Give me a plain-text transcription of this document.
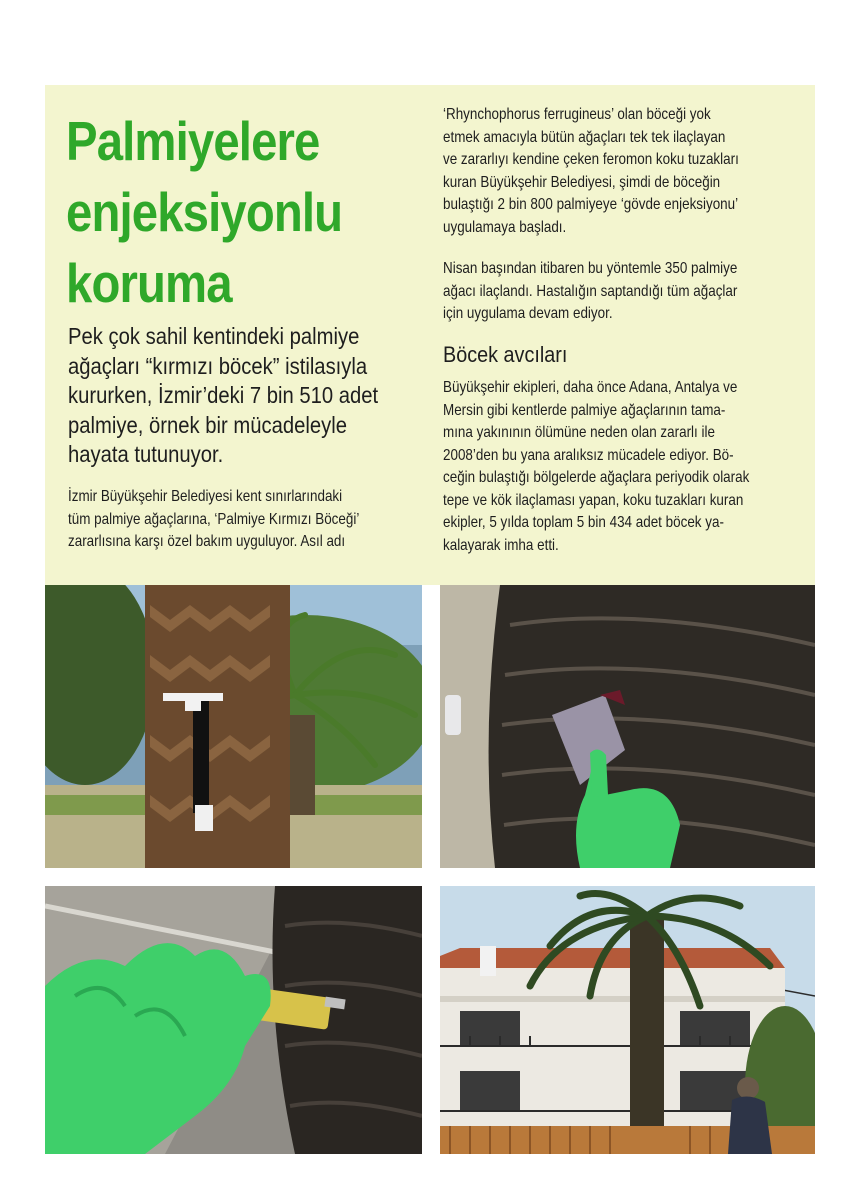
Palmiyelere
enjeksiyonlu
koruma

Pek çok sahil kentindeki palmiye
ağaçları “kırmızı böcek” istilasıyla
kururken, İzmir’deki 7 bin 510 adet
palmiye, örnek bir mücadeleyle
hayata tutunuyor.

İzmir Büyükşehir Belediyesi kent sınırlarındaki
tüm palmiye ağaçlarına, ‘Palmiye Kırmızı Böceği’
zararlısına karşı özel bakım uyguluyor. Asıl adı

‘Rhynchophorus ferrugineus’ olan böceği yok
etmek amacıyla bütün ağaçları tek tek ilaçlayan
ve zararlıyı kendine çeken feromon koku tuzakları
kuran Büyükşehir Belediyesi, şimdi de böceğin
bulaştığı 2 bin 800 palmiyeye ‘gövde enjeksiyonu’
uygulamaya başladı.

Nisan başından itibaren bu yöntemle 350 palmiye
ağacı ilaçlandı. Hastalığın saptandığı tüm ağaçlar
için uygulama devam ediyor.

Böcek avcıları

Büyükşehir ekipleri, daha önce Adana, Antalya ve
Mersin gibi kentlerde palmiye ağaçlarının tama-
mına yakınının ölümüne neden olan zararlı ile
2008’den bu yana aralıksız mücadele ediyor. Bö-
ceğin bulaştığı bölgelerde ağaçlara periyodik olarak
tepe ve kök ilaçlaması yapan, koku tuzakları kuran
ekipler, 5 yılda toplam 5 bin 434 adet böcek ya-
kalayarak imha etti.
